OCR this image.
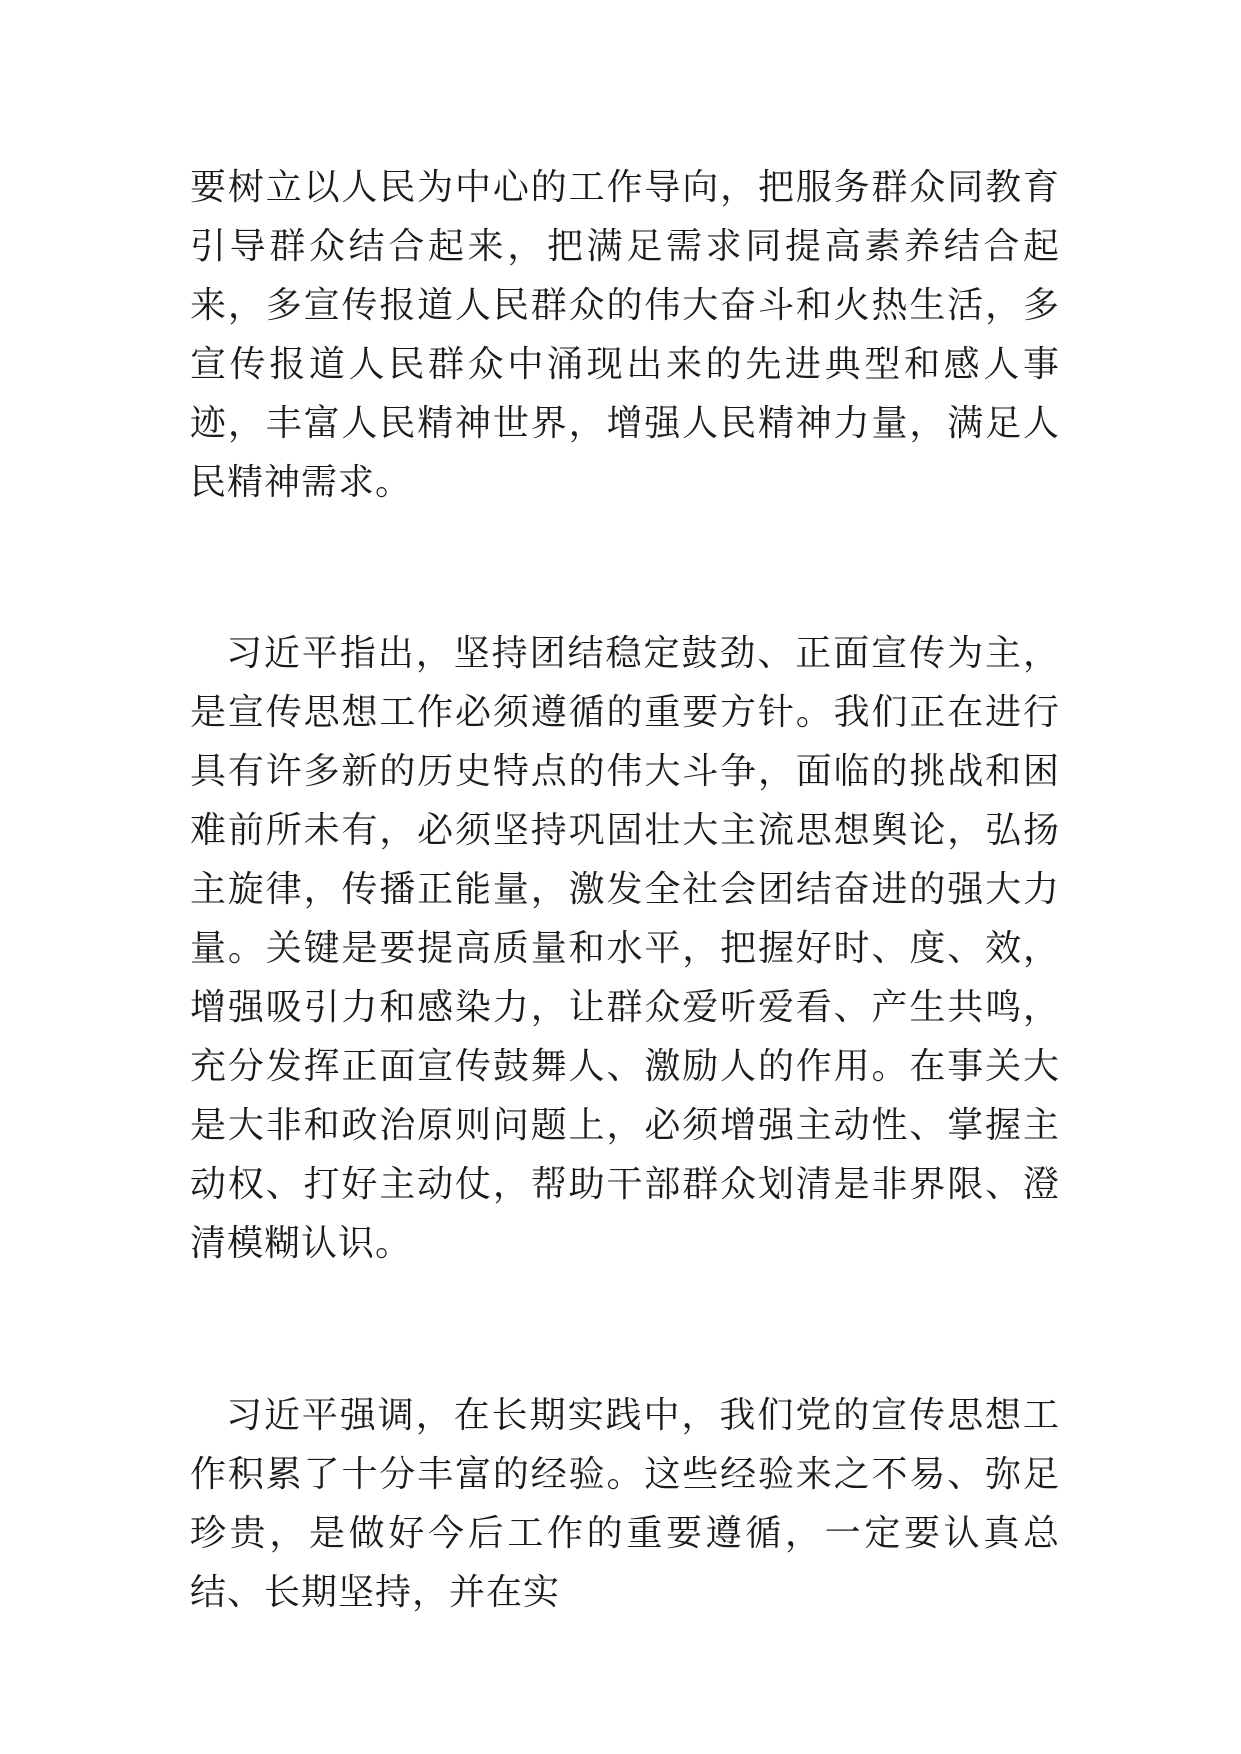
要树立以人民为中心的工作导向，把服务群众同教育引导群众结合起来，把满足需求同提高素养结合起来，多宣传报道人民群众的伟大奋斗和火热生活，多宣传报道人民群众中涌现出来的先进典型和感人事迹，丰富人民精神世界，增强人民精神力量，满足人民精神需求。

习近平指出，坚持团结稳定鼓劲、正面宣传为主，是宣传思想工作必须遵循的重要方针。我们正在进行具有许多新的历史特点的伟大斗争，面临的挑战和困难前所未有，必须坚持巩固壮大主流思想舆论，弘扬主旋律，传播正能量，激发全社会团结奋进的强大力量。关键是要提高质量和水平，把握好时、度、效，增强吸引力和感染力，让群众爱听爱看、产生共鸣，充分发挥正面宣传鼓舞人、激励人的作用。在事关大是大非和政治原则问题上，必须增强主动性、掌握主动权、打好主动仗，帮助干部群众划清是非界限、澄清模糊认识。

习近平强调，在长期实践中，我们党的宣传思想工作积累了十分丰富的经验。这些经验来之不易、弥足珍贵，是做好今后工作的重要遵循，一定要认真总结、长期坚持，并在实
